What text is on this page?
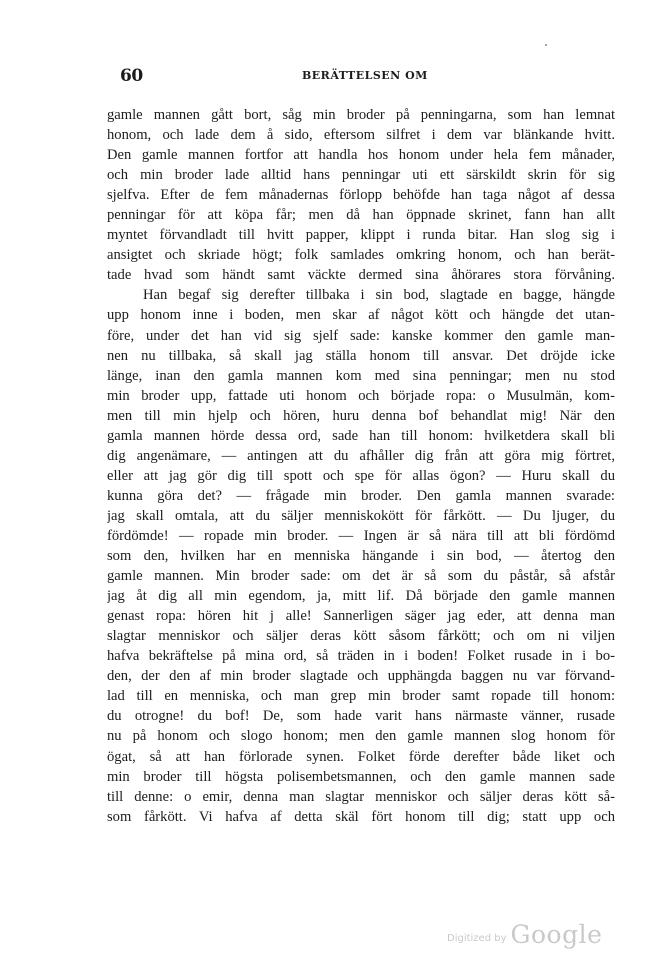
60	BERÄTTELSEN OM
gamle mannen gått bort, såg min broder på penningarna, som han lemnat
honom, och lade dem å sido, eftersom silfret i dem var blänkande hvitt.
Den gamle mannen fortfor att handla hos honom under hela fem månader,
och min broder lade alltid hans penningar uti ett särskildt skrin för sig
sjelfva. Efter de fem månadernas förlopp behöfde han taga något af dessa
penningar för att köpa får; men då han öppnade skrinet, fann han allt
myntet förvandladt till hvitt papper, klippt i runda bitar. Han slog sig i
ansigtet och skriade högt; folk samlades omkring honom, och han berät-
tade hvad som händt samt väckte dermed sina åhörares stora förvåning.
Han begaf sig derefter tillbaka i sin bod, slagtade en bagge, hängde
upp honom inne i boden, men skar af något kött och hängde det utan-
före, under det han vid sig sjelf sade: kanske kommer den gamle man-
nen nu tillbaka, så skall jag ställa honom till ansvar. Det dröjde icke
länge, inan den gamla mannen kom med sina penningar; men nu stod
min broder upp, fattade uti honom och började ropa: o Musulmän, kom-
men till min hjelp och hören, huru denna bof behandlat mig! När den
gamla mannen hörde dessa ord, sade han till honom: hvilketdera skall bli
dig angenämare, — antingen att du afhåller dig från att göra mig förtret,
eller att jag gör dig till spott och spe för allas ögon? — Huru skall du
kunna göra det? — frågade min broder. Den gamla mannen svarade:
jag skall omtala, att du säljer menniskokött för fårkött. — Du ljuger, du
fördömde! — ropade min broder. — Ingen är så nära till att bli fördömd
som den, hvilken har en menniska hängande i sin bod, — återtog den
gamle mannen. Min broder sade: om det är så som du påstår, så afstår
jag åt dig all min egendom, ja, mitt lif. Då började den gamle mannen
genast ropa: hören hit j alle! Sannerligen säger jag eder, att denna man
slagtar menniskor och säljer deras kött såsom fårkött; och om ni viljen
hafva bekräftelse på mina ord, så träden in i boden! Folket rusade in i bo-
den, der den af min broder slagtade och upphängda baggen nu var förvand-
lad till en menniska, och man grep min broder samt ropade till honom:
du otrogne! du bof! De, som hade varit hans närmaste vänner, rusade
nu på honom och slogo honom; men den gamle mannen slog honom för
ögat, så att han förlorade synen. Folket förde derefter både liket och
min broder till högsta polisembetsmannen, och den gamle mannen sade
till denne: o emir, denna man slagtar menniskor och säljer deras kött så-
som fårkött. Vi hafva af detta skäl fört honom till dig; statt upp och
Digitized by Google
